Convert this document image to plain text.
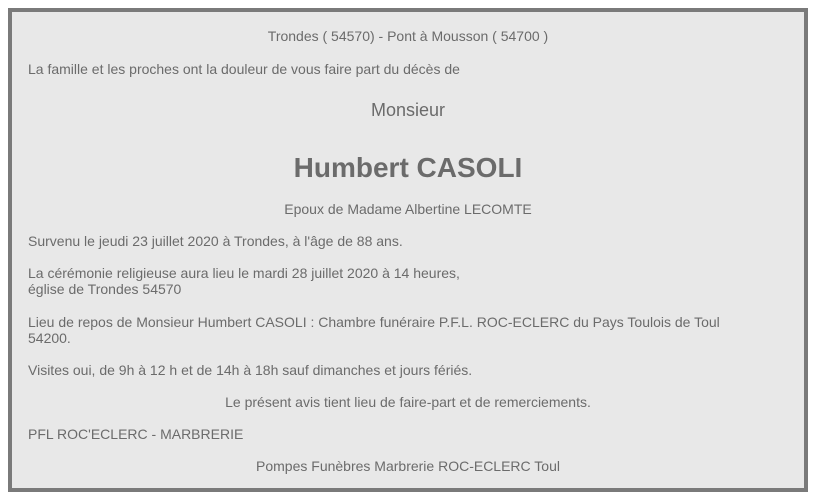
Trondes ( 54570) - Pont à Mousson ( 54700 )
La famille et les proches ont la douleur de vous faire part du décès de
Monsieur
Humbert CASOLI
Epoux de Madame Albertine LECOMTE
Survenu le jeudi 23 juillet 2020 à Trondes, à l'âge de 88 ans.
La cérémonie religieuse aura lieu le mardi 28 juillet 2020 à 14 heures,
église de Trondes 54570
Lieu de repos de Monsieur Humbert CASOLI : Chambre funéraire P.F.L. ROC-ECLERC du Pays Toulois de Toul
54200.
Visites oui, de 9h à 12 h et de 14h à 18h sauf dimanches et jours fériés.
Le présent avis tient lieu de faire-part et de remerciements.
PFL ROC'ECLERC - MARBRERIE
Pompes Funèbres Marbrerie ROC-ECLERC Toul
